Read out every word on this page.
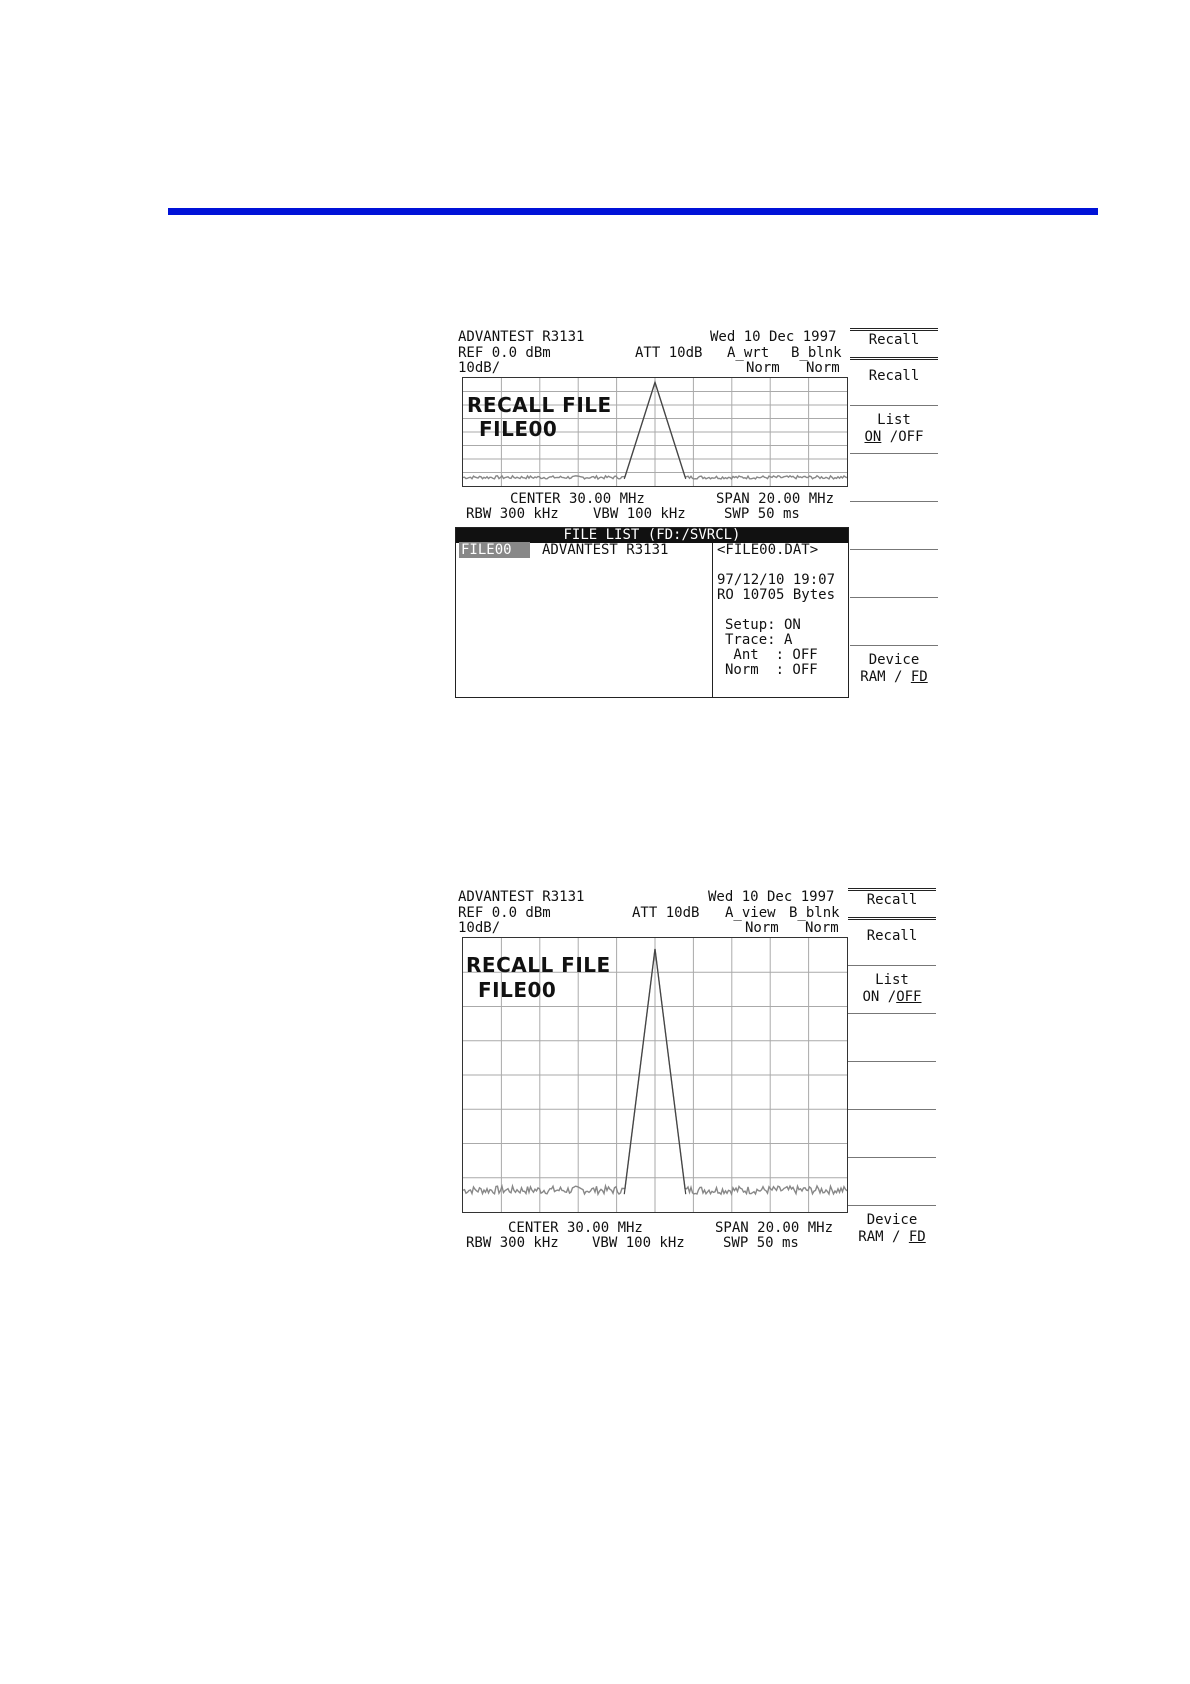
ADVANTEST R3131	Wed 10 Dec 1997
REF 0.0 dBm	ATT 10dB A_wrt B_blnk
10dB/	Norm Norm
RECALL FILE
FILE00
CENTER 30.00 MHz	SPAN 20.00 MHz
RBW 300 kHz VBW 100 kHz	SWP 50 ms
FILE LIST (FD:/SVRCL)
FILE00	ADVANTEST R3131	<FILE00.DAT>
97/12/10 19:07
RO 10705 Bytes
Setup: ON
Trace: A
Ant  : OFF
Norm  : OFF
Recall
Recall
List
ON /OFF
Device
RAM / FD
ADVANTEST R3131	Wed 10 Dec 1997
REF 0.0 dBm	ATT 10dB A_view B_blnk
10dB/	Norm Norm
RECALL FILE
FILE00
CENTER 30.00 MHz	SPAN 20.00 MHz
RBW 300 kHz VBW 100 kHz	SWP 50 ms
Recall
Recall
List
ON /OFF
Device
RAM / FD
